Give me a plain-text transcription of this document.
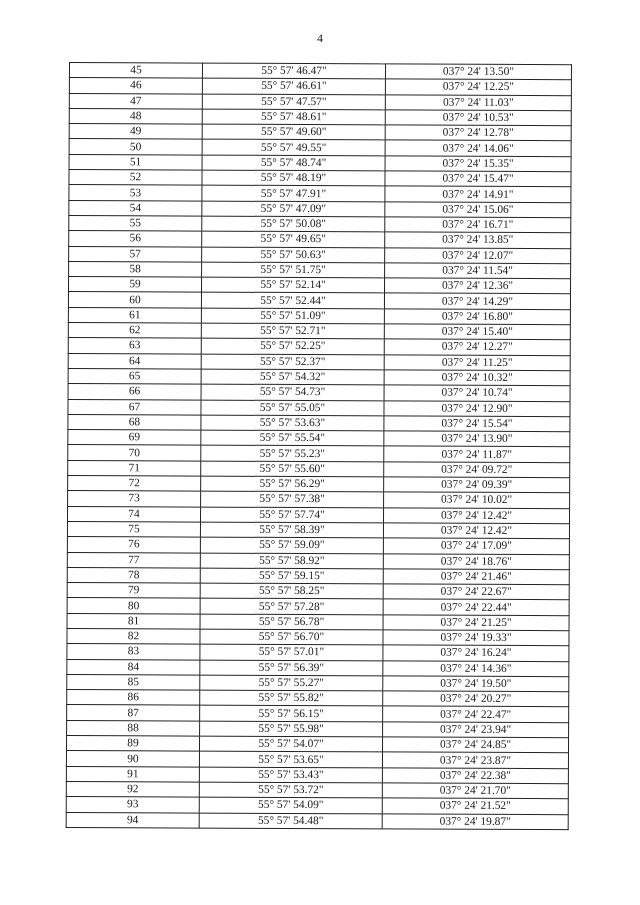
4
45	55° 57' 46.47"	037° 24' 13.50"
46	55° 57' 46.61"	037° 24' 12.25"
47	55° 57' 47.57"	037° 24' 11.03"
48	55° 57' 48.61"	037° 24' 10.53"
49	55° 57' 49.60"	037° 24' 12.78"
50	55° 57' 49.55"	037° 24' 14.06"
51	55° 57' 48.74"	037° 24' 15.35"
52	55° 57' 48.19"	037° 24' 15.47"
53	55° 57' 47.91"	037° 24' 14.91"
54	55° 57' 47.09"	037° 24' 15.06"
55	55° 57' 50.08"	037° 24' 16.71"
56	55° 57' 49.65"	037° 24' 13.85"
57	55° 57' 50.63"	037° 24' 12.07"
58	55° 57' 51.75"	037° 24' 11.54"
59	55° 57' 52.14"	037° 24' 12.36"
60	55° 57' 52.44"	037° 24' 14.29"
61	55° 57' 51.09"	037° 24' 16.80"
62	55° 57' 52.71"	037° 24' 15.40"
63	55° 57' 52.25"	037° 24' 12.27"
64	55° 57' 52.37"	037° 24' 11.25"
65	55° 57' 54.32"	037° 24' 10.32"
66	55° 57' 54.73"	037° 24' 10.74"
67	55° 57' 55.05"	037° 24' 12.90"
68	55° 57' 53.63"	037° 24' 15.54"
69	55° 57' 55.54"	037° 24' 13.90"
70	55° 57' 55.23"	037° 24' 11.87"
71	55° 57' 55.60"	037° 24' 09.72"
72	55° 57' 56.29"	037° 24' 09.39"
73	55° 57' 57.38"	037° 24' 10.02"
74	55° 57' 57.74"	037° 24' 12.42"
75	55° 57' 58.39"	037° 24' 12.42"
76	55° 57' 59.09"	037° 24' 17.09"
77	55° 57' 58.92"	037° 24' 18.76"
78	55° 57' 59.15"	037° 24' 21.46"
79	55° 57' 58.25"	037° 24' 22.67"
80	55° 57' 57.28"	037° 24' 22.44"
81	55° 57' 56.78"	037° 24' 21.25"
82	55° 57' 56.70"	037° 24' 19.33"
83	55° 57' 57.01"	037° 24' 16.24"
84	55° 57' 56.39"	037° 24' 14.36"
85	55° 57' 55.27"	037° 24' 19.50"
86	55° 57' 55.82"	037° 24' 20.27"
87	55° 57' 56.15"	037° 24' 22.47"
88	55° 57' 55.98"	037° 24' 23.94"
89	55° 57' 54.07"	037° 24' 24.85"
90	55° 57' 53.65"	037° 24' 23.87"
91	55° 57' 53.43"	037° 24' 22.38"
92	55° 57' 53.72"	037° 24' 21.70"
93	55° 57' 54.09"	037° 24' 21.52"
94	55° 57' 54.48"	037° 24' 19.87"
